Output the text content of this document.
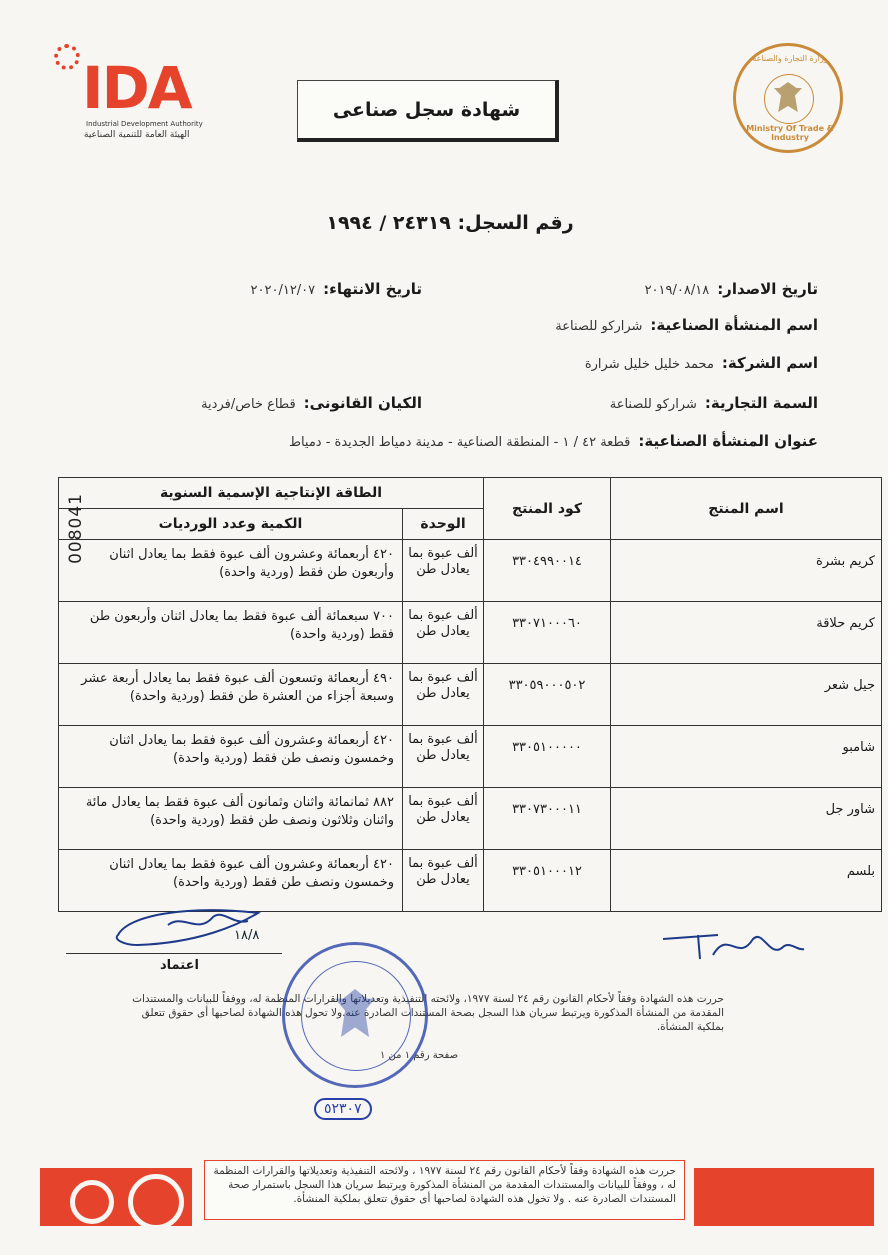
IDA
Industrial Development Authority
الهيئة العامة للتنمية الصناعية
وزارة التجارة والصناعة
Ministry Of Trade & Industry
شهادة سجل صناعى
رقم السجل: ٢٤٣١٩ / ١٩٩٤
تاريخ الاصدار:
٢٠١٩/٠٨/١٨
تاريخ الانتهاء:
٢٠٢٠/١٢/٠٧
اسم المنشأة الصناعية:
شراركو للصناعة
اسم الشركة:
محمد خليل خليل شرارة
السمة التجارية:
شراركو للصناعة
الكيان القانونى:
قطاع خاص/فردية
عنوان المنشأة الصناعية:
قطعة ٤٢ / ١ - المنطقة الصناعية - مدينة دمياط الجديدة - دمياط
اسم المنتج	كود المنتج	الطاقة الإنتاجية الإسمية السنوية	
		الوحدة	الكمية وعدد الورديات
كريم بشرة	٣٣٠٤٩٩٠٠١٤	ألف عبوة بما يعادل طن	٤٢٠ أربعمائة وعشرون ألف عبوة فقط بما يعادل اثنان وأربعون طن فقط (وردية واحدة)
كريم حلاقة	٣٣٠٧١٠٠٠٦٠	ألف عبوة بما يعادل طن	٧٠٠ سبعمائة ألف عبوة فقط بما يعادل اثنان وأربعون طن فقط (وردية واحدة)
جيل شعر	٣٣٠٥٩٠٠٠٥٠٢	ألف عبوة بما يعادل طن	٤٩٠ أربعمائة وتسعون ألف عبوة فقط بما يعادل أربعة عشر وسبعة أجزاء من العشرة طن فقط (وردية واحدة)
شامبو	٣٣٠٥١٠٠٠٠٠	ألف عبوة بما يعادل طن	٤٢٠ أربعمائة وعشرون ألف عبوة فقط بما يعادل اثنان وخمسون ونصف طن فقط (وردية واحدة)
شاور جل	٣٣٠٧٣٠٠٠١١	ألف عبوة بما يعادل طن	٨٨٢ ثمانمائة واثنان وثمانون ألف عبوة فقط بما يعادل مائة واثنان وثلاثون ونصف طن فقط (وردية واحدة)
بلسم	٣٣٠٥١٠٠٠١٢	ألف عبوة بما يعادل طن	٤٢٠ أربعمائة وعشرون ألف عبوة فقط بما يعادل اثنان وخمسون ونصف طن فقط (وردية واحدة)
008041
١٨/٨
اعتماد
حررت هذه الشهادة وفقاً لأحكام القانون رقم ٢٤ لسنة ١٩٧٧، ولائحته التنفيذية وتعديلاتها والقرارات المنظمة له، ووفقاً للبيانات والمستندات المقدمة من المنشأة المذكورة ويرتبط سريان هذا السجل بصحة المستندات الصادرة عنه.ولا تحول هذه الشهادة لصاحبها أى حقوق تتعلق بملكية المنشأة.
صفحة رقم ١ من ١
٥٢٣٠٧
حررت هذه الشهادة وفقاً لأحكام القانون رقم ٢٤ لسنة ١٩٧٧ ، ولائحته التنفيذية وتعديلاتها والقرارات المنظمة له ، ووفقاً للبيانات والمستندات المقدمة من المنشأة المذكورة ويرتبط سريان هذا السجل باستمرار صحة المستندات الصادرة عنه . ولا تخول هذه الشهادة لصاحبها أى حقوق تتعلق بملكية المنشأة.
